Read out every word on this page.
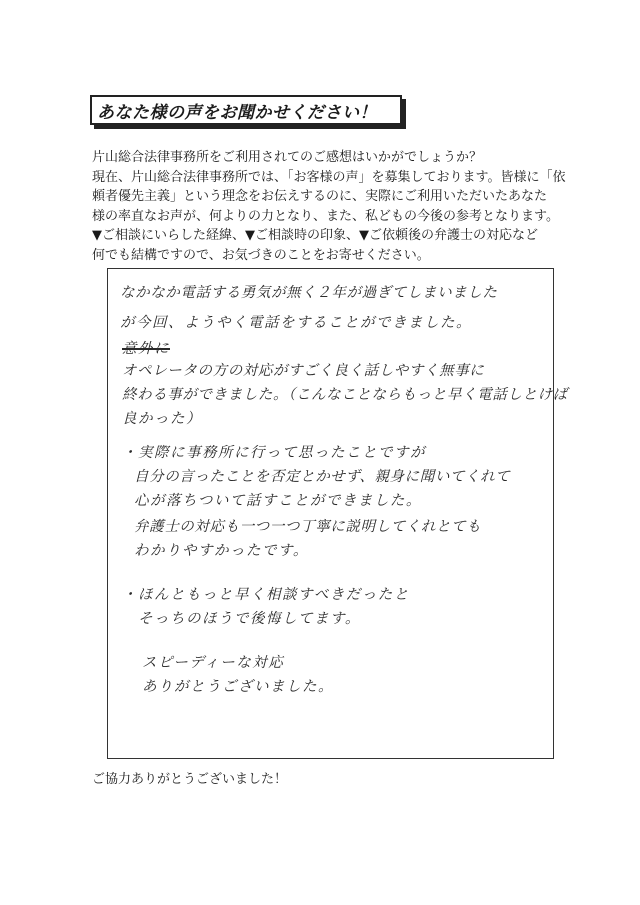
あなた様の声をお聞かせください！
片山総合法律事務所をご利用されてのご感想はいかがでしょうか？
現在、片山総合法律事務所では、「お客様の声」を募集しております。皆様に「依
頼者優先主義」という理念をお伝えするのに、実際にご利用いただいたあなた
様の率直なお声が、何よりの力となり、また、私どもの今後の参考となります。
▼ご相談にいらした経緯、▼ご相談時の印象、▼ご依頼後の弁護士の対応など
何でも結構ですので、お気づきのことをお寄せください。
なかなか電話する勇気が無く２年が過ぎてしまいました
が今回、ようやく電話をすることができました。
意外に
オペレータの方の対応がすごく良く話しやすく無事に
終わる事ができました。（こんなことならもっと早く電話しとけば
良かった）
・実際に事務所に行って思ったことですが
自分の言ったことを否定とかせず、親身に聞いてくれて
心が落ちついて話すことができました。
弁護士の対応も一つ一つ丁寧に説明してくれとても
わかりやすかったです。
・ほんともっと早く相談すべきだったと
そっちのほうで後悔してます。
スピーディーな対応
ありがとうございました。
ご協力ありがとうございました！
